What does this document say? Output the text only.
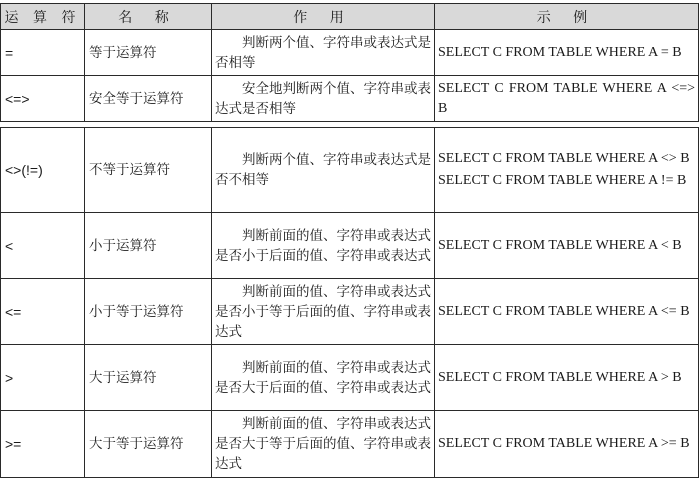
运 算 符	名 称	作 用	示 例
=	等于运算符	判断两个值、字符串或表达式是否相等	SELECT C FROM TABLE WHERE A = B

<=>	安全等于运算符	安全地判断两个值、字符串或表达式是否相等	SELECT C FROM TABLE WHERE A <=> B

<>(!=)	不等于运算符	判断两个值、字符串或表达式是否不相等	SELECT C FROM TABLE WHERE A <> B
SELECT C FROM TABLE WHERE A != B

<	小于运算符	判断前面的值、字符串或表达式是否小于后面的值、字符串或表达式	SELECT C FROM TABLE WHERE A < B

<=	小于等于运算符	判断前面的值、字符串或表达式是否小于等于后面的值、字符串或表达式	SELECT C FROM TABLE WHERE A <= B

>	大于运算符	判断前面的值、字符串或表达式是否大于后面的值、字符串或表达式	SELECT C FROM TABLE WHERE A > B

>=	大于等于运算符	判断前面的值、字符串或表达式是否大于等于后面的值、字符串或表达式	SELECT C FROM TABLE WHERE A >= B
